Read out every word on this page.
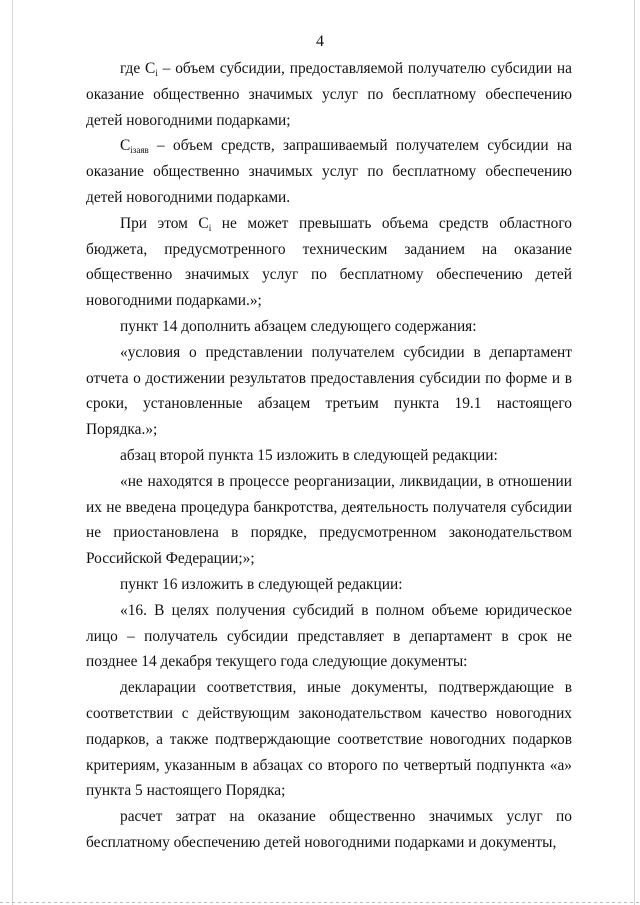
4

где $С_i$ – объем субсидии, предоставляемой получателю субсидии на оказание общественно значимых услуг по бесплатному обеспечению детей новогодними подарками;

$С_{iзаяв}$ – объем средств, запрашиваемый получателем субсидии на оказание общественно значимых услуг по бесплатному обеспечению детей новогодними подарками.

При этом $С_i$ не может превышать объема средств областного бюджета, предусмотренного техническим заданием на оказание общественно значимых услуг по бесплатному обеспечению детей новогодними подарками.»;

пункт 14 дополнить абзацем следующего содержания:

«условия о представлении получателем субсидии в департамент отчета о достижении результатов предоставления субсидии по форме и в сроки, установленные абзацем третьим пункта 19.1 настоящего Порядка.»;

абзац второй пункта 15 изложить в следующей редакции:

«не находятся в процессе реорганизации, ликвидации, в отношении их не введена процедура банкротства, деятельность получателя субсидии не приостановлена в порядке, предусмотренном законодательством Российской Федерации;»;

пункт 16 изложить в следующей редакции:

«16. В целях получения субсидий в полном объеме юридическое лицо – получатель субсидии представляет в департамент в срок не позднее 14 декабря текущего года следующие документы:

декларации соответствия, иные документы, подтверждающие в соответствии с действующим законодательством качество новогодних подарков, а также подтверждающие соответствие новогодних подарков критериям, указанным в абзацах со второго по четвертый подпункта «а» пункта 5 настоящего Порядка;

расчет затрат на оказание общественно значимых услуг по бесплатному обеспечению детей новогодними подарками и документы,
